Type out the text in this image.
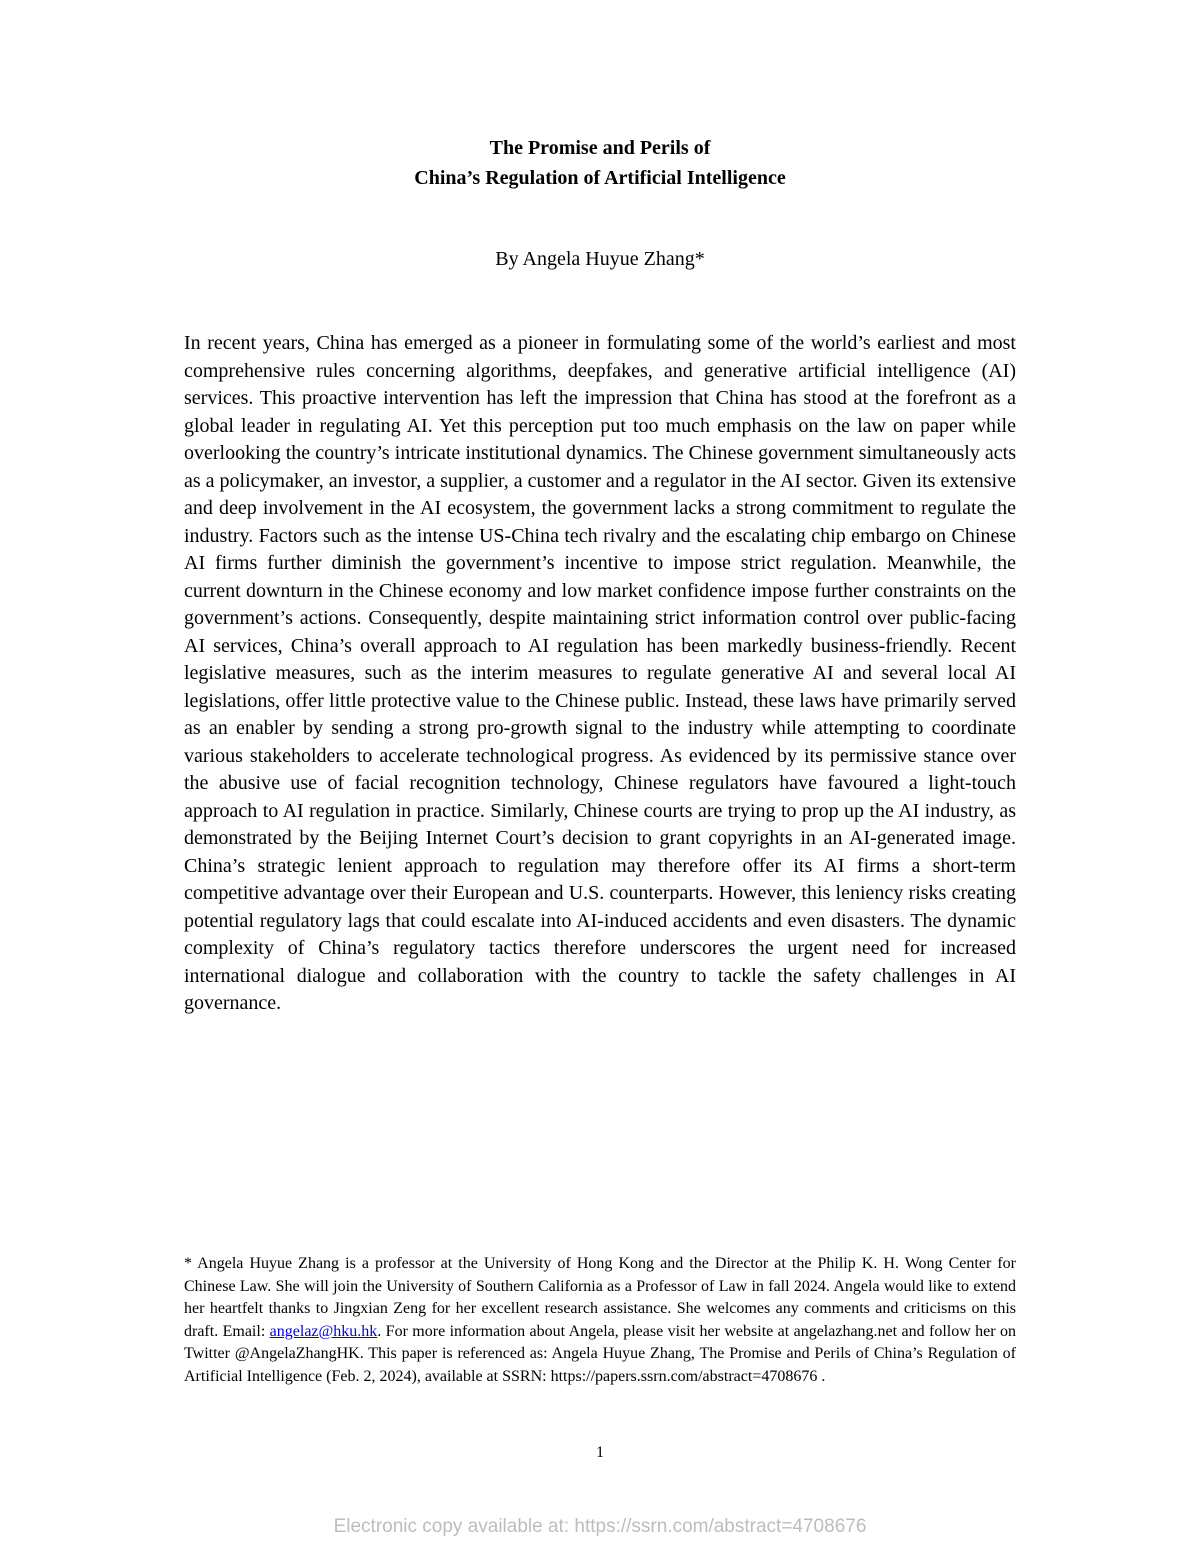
The Promise and Perils of
China’s Regulation of Artificial Intelligence
By Angela Huyue Zhang*

In recent years, China has emerged as a pioneer in formulating some of the world’s earliest and most comprehensive rules concerning algorithms, deepfakes, and generative artificial intelligence (AI) services. This proactive intervention has left the impression that China has stood at the forefront as a global leader in regulating AI. Yet this perception put too much emphasis on the law on paper while overlooking the country’s intricate institutional dynamics. The Chinese government simultaneously acts as a policymaker, an investor, a supplier, a customer and a regulator in the AI sector. Given its extensive and deep involvement in the AI ecosystem, the government lacks a strong commitment to regulate the industry. Factors such as the intense US-China tech rivalry and the escalating chip embargo on Chinese AI firms further diminish the government’s incentive to impose strict regulation. Meanwhile, the current downturn in the Chinese economy and low market confidence impose further constraints on the government’s actions. Consequently, despite maintaining strict information control over public-facing AI services, China’s overall approach to AI regulation has been markedly business-friendly. Recent legislative measures, such as the interim measures to regulate generative AI and several local AI legislations, offer little protective value to the Chinese public. Instead, these laws have primarily served as an enabler by sending a strong pro-growth signal to the industry while attempting to coordinate various stakeholders to accelerate technological progress. As evidenced by its permissive stance over the abusive use of facial recognition technology, Chinese regulators have favoured a light-touch approach to AI regulation in practice. Similarly, Chinese courts are trying to prop up the AI industry, as demonstrated by the Beijing Internet Court’s decision to grant copyrights in an AI-generated image. China’s strategic lenient approach to regulation may therefore offer its AI firms a short-term competitive advantage over their European and U.S. counterparts. However, this leniency risks creating potential regulatory lags that could escalate into AI-induced accidents and even disasters. The dynamic complexity of China’s regulatory tactics therefore underscores the urgent need for increased international dialogue and collaboration with the country to tackle the safety challenges in AI governance.

* Angela Huyue Zhang is a professor at the University of Hong Kong and the Director at the Philip K. H. Wong Center for Chinese Law. She will join the University of Southern California as a Professor of Law in fall 2024. Angela would like to extend her heartfelt thanks to Jingxian Zeng for her excellent research assistance. She welcomes any comments and criticisms on this draft. Email: angelaz@hku.hk. For more information about Angela, please visit her website at angelazhang.net and follow her on Twitter @AngelaZhangHK. This paper is referenced as: Angela Huyue Zhang, The Promise and Perils of China’s Regulation of Artificial Intelligence (Feb. 2, 2024), available at SSRN: https://papers.ssrn.com/abstract=4708676 .

1
Electronic copy available at: https://ssrn.com/abstract=4708676
